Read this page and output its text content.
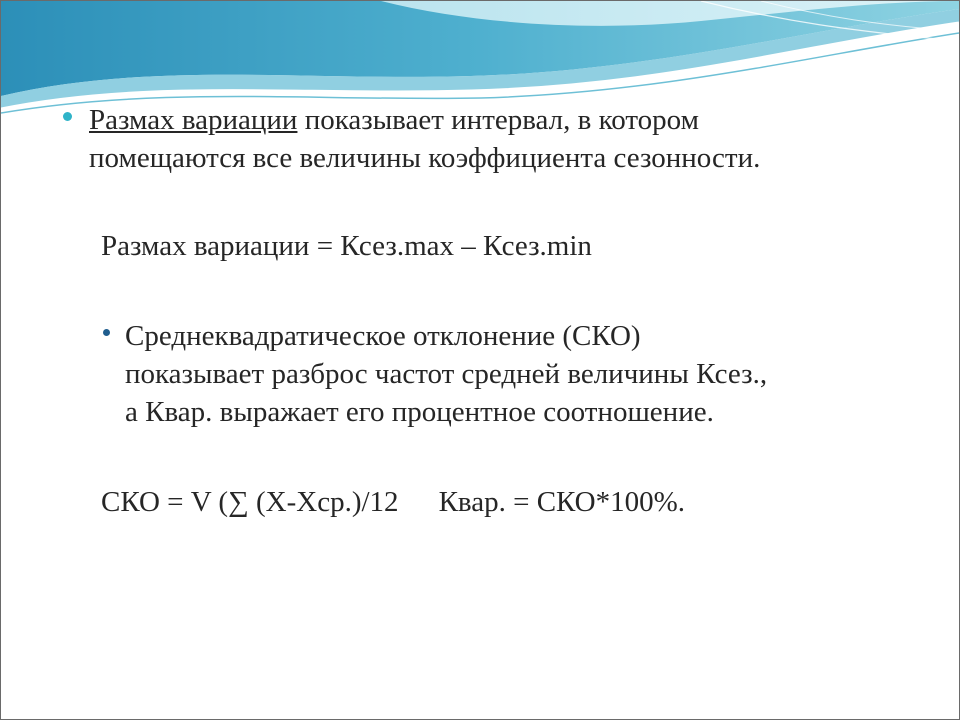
Размах вариации показывает интервал, в котором
помещаются все величины коэффициента сезонности.

Размах вариации = Ксез.max – Ксез.min

Среднеквадратическое отклонение (СКО)
показывает разброс частот средней величины Ксез.,
а Квар. выражает его процентное соотношение.

СКО = V (∑ (Х-Хср.)/12 Квар. = СКО*100%.
